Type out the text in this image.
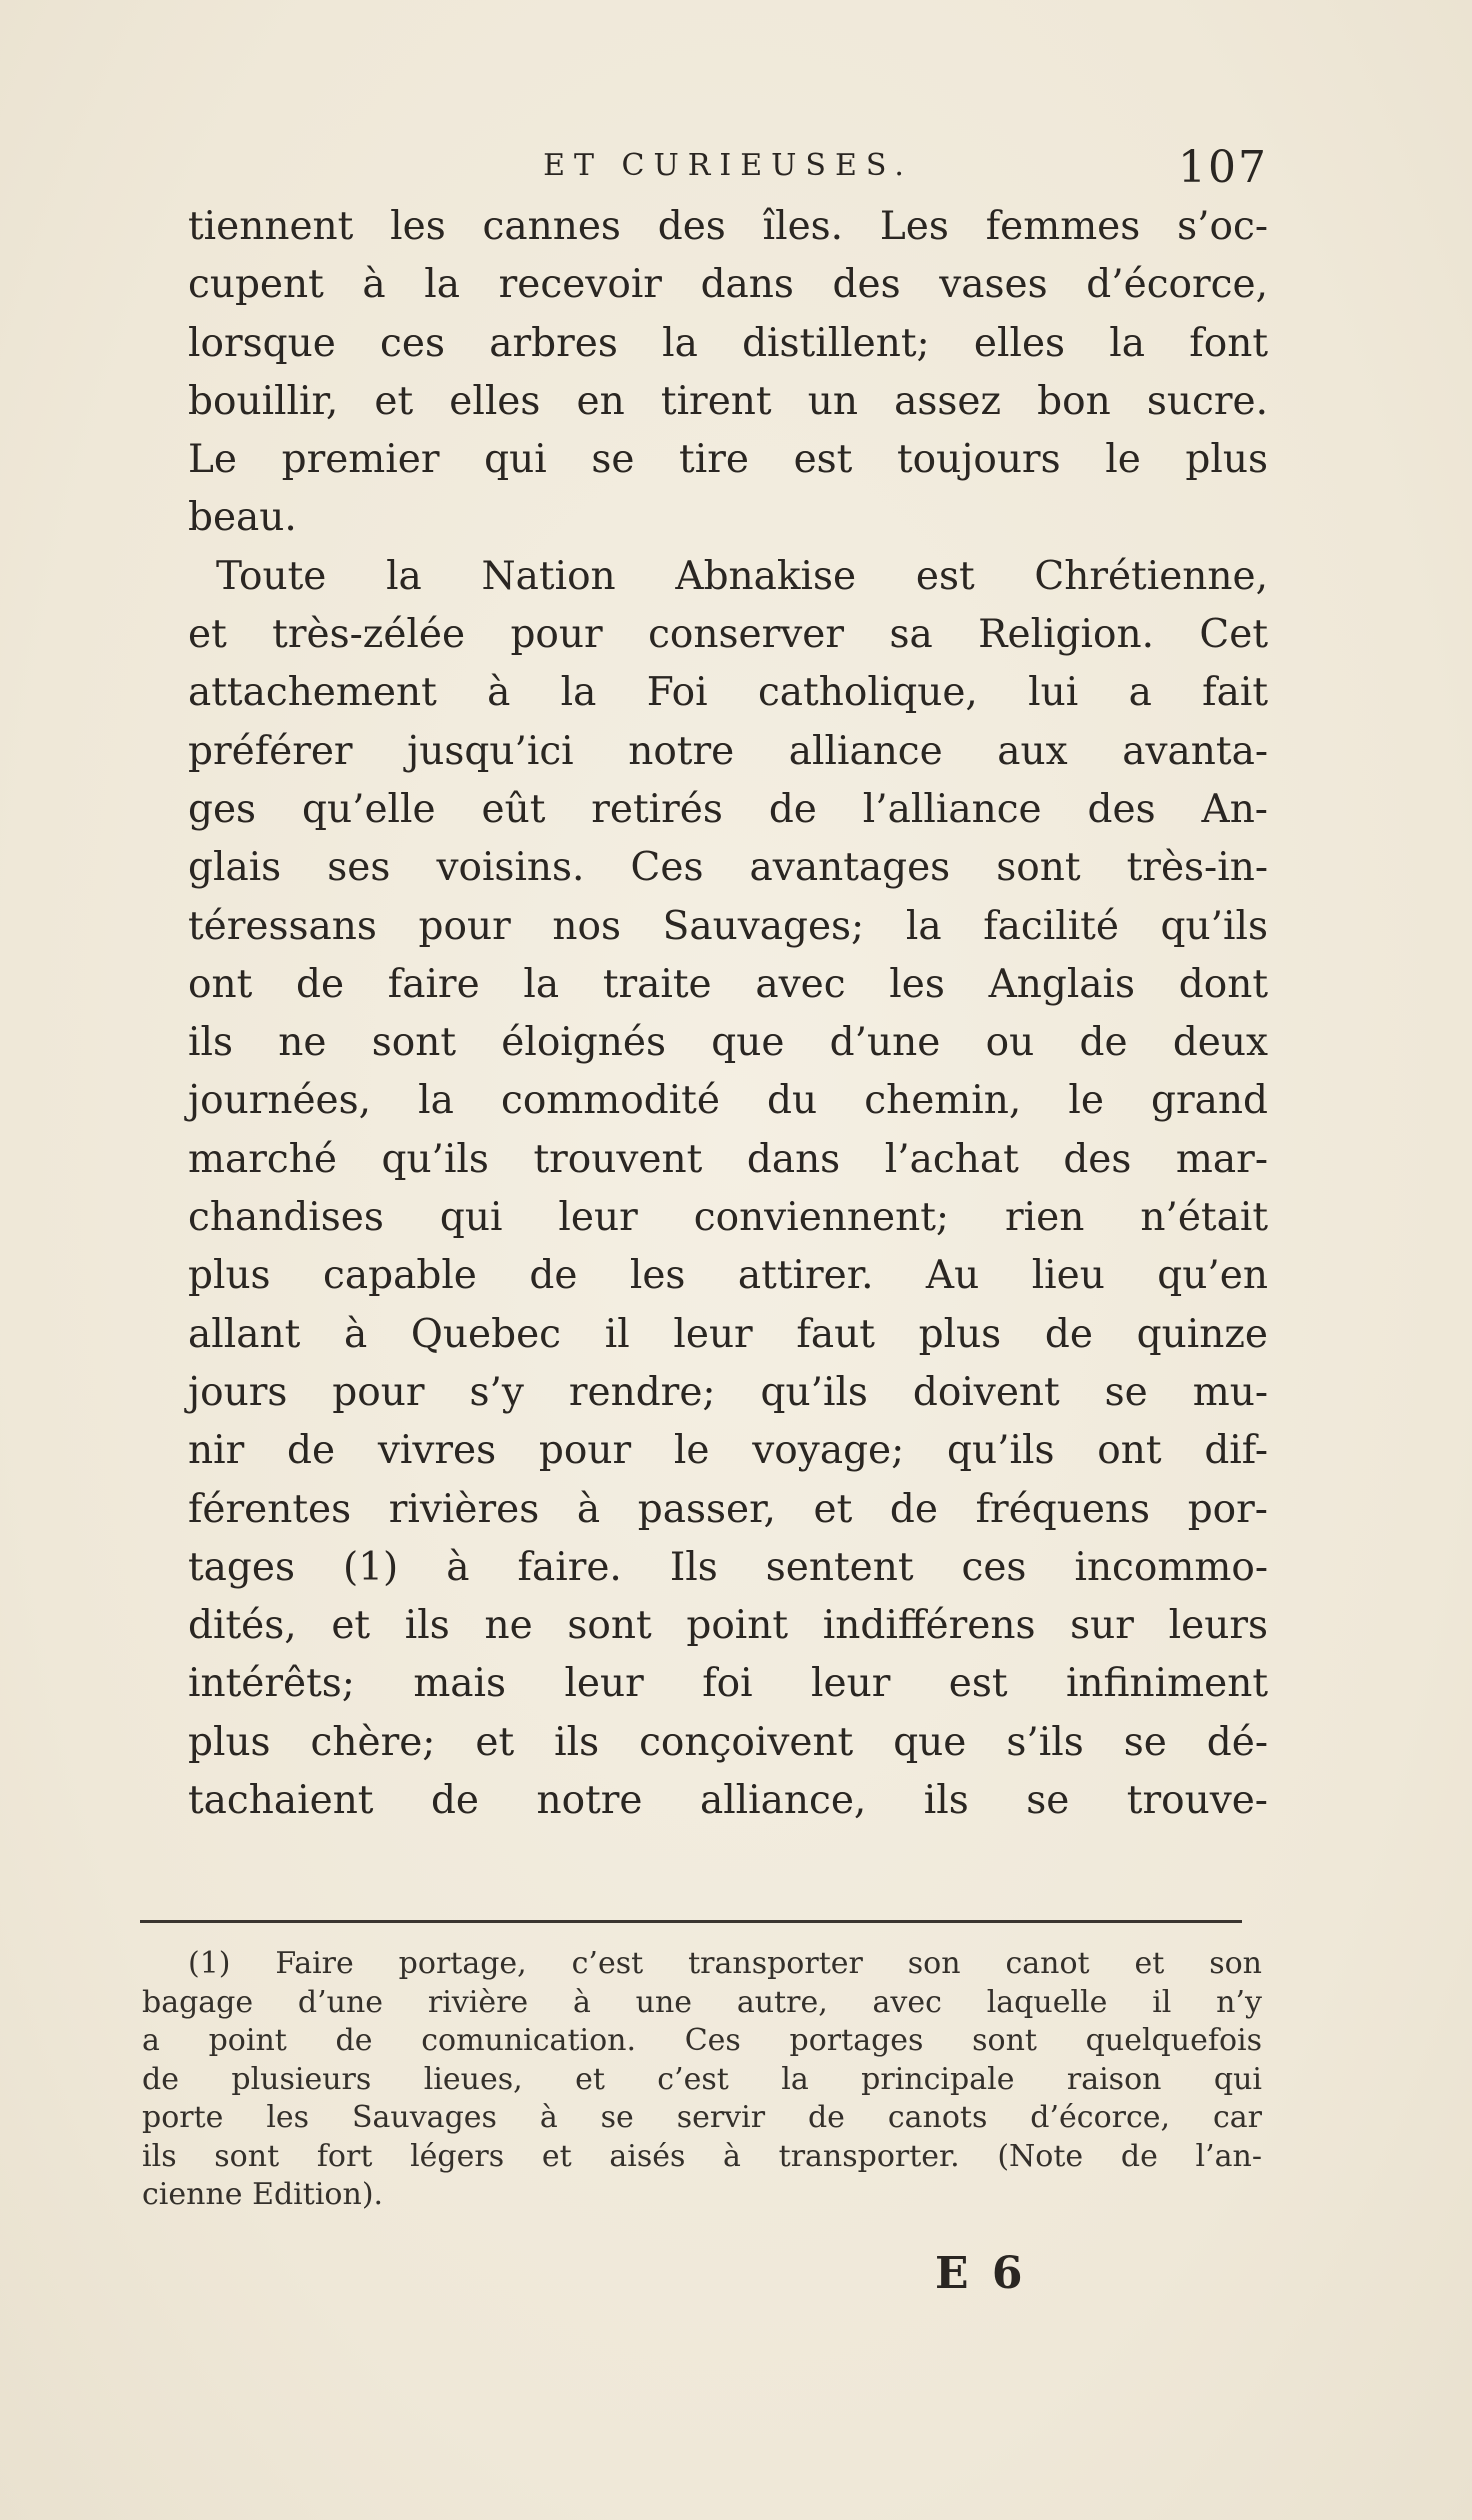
ET CURIEUSES.	107
tiennent les cannes des îles. Les femmes s’oc-
cupent à la recevoir dans des vases d’écorce,
lorsque ces arbres la distillent; elles la font
bouillir, et elles en tirent un assez bon sucre.
Le premier qui se tire est toujours le plus
beau.
Toute la Nation Abnakise est Chrétienne,
et très-zélée pour conserver sa Religion. Cet
attachement à la Foi catholique, lui a fait
préférer jusqu’ici notre alliance aux avanta-
ges qu’elle eût retirés de l’alliance des An-
glais ses voisins. Ces avantages sont très-in-
téressans pour nos Sauvages; la facilité qu’ils
ont de faire la traite avec les Anglais dont
ils ne sont éloignés que d’une ou de deux
journées, la commodité du chemin, le grand
marché qu’ils trouvent dans l’achat des mar-
chandises qui leur conviennent; rien n’était
plus capable de les attirer. Au lieu qu’en
allant à Quebec il leur faut plus de quinze
jours pour s’y rendre; qu’ils doivent se mu-
nir de vivres pour le voyage; qu’ils ont dif-
férentes rivières à passer, et de fréquens por-
tages (1) à faire. Ils sentent ces incommo-
dités, et ils ne sont point indifférens sur leurs
intérêts; mais leur foi leur est infiniment
plus chère; et ils conçoivent que s’ils se dé-
tachaient de notre alliance, ils se trouve-
(1) Faire portage, c’est transporter son canot et son
bagage d’une rivière à une autre, avec laquelle il n’y
a point de comunication. Ces portages sont quelquefois
de plusieurs lieues, et c’est la principale raison qui
porte les Sauvages à se servir de canots d’écorce, car
ils sont fort légers et aisés à transporter. (Note de l’an-
cienne Edition).
E 6
